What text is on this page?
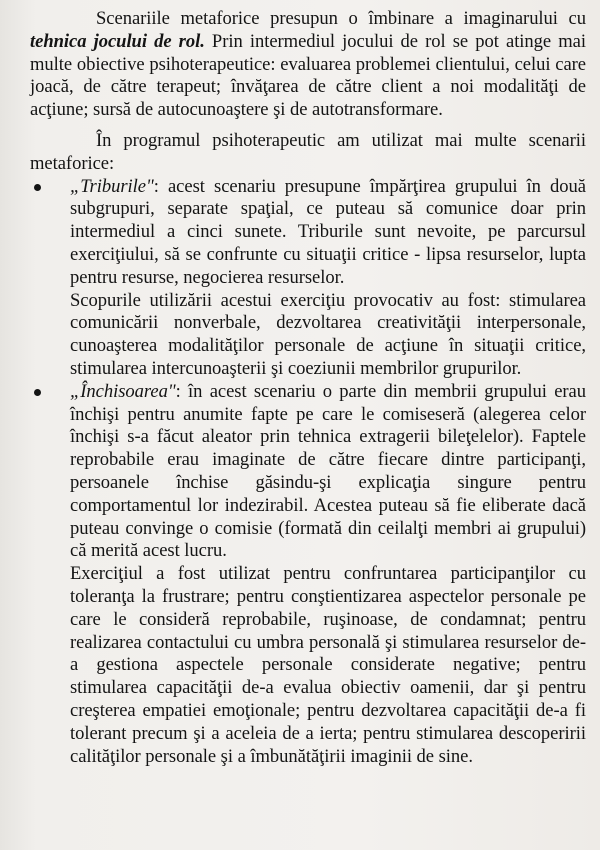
Scenariile metaforice presupun o îmbinare a imaginarului cu tehnica jocului de rol. Prin intermediul jocului de rol se pot atinge mai multe obiective psihoterapeutice: evaluarea problemei clientului, celui care joacă, de către terapeut; învăţarea de către client a noi modalităţi de acţiune; sursă de autocunoaştere şi de autotransformare.

În programul psihoterapeutic am utilizat mai multe scenarii metaforice:

„Triburile": acest scenariu presupune împărţirea grupului în două subgrupuri, separate spaţial, ce puteau să comunice doar prin intermediul a cinci sunete. Triburile sunt nevoite, pe parcursul exerciţiului, să se confrunte cu situaţii critice - lipsa resurselor, lupta pentru resurse, negocierea resurselor.

Scopurile utilizării acestui exerciţiu provocativ au fost: stimularea comunicării nonverbale, dezvoltarea creativităţii interpersonale, cunoaşterea modalităţilor personale de acţiune în situaţii critice, stimularea intercunoaşterii şi coeziunii membrilor grupurilor.

„Închisoarea": în acest scenariu o parte din membrii grupului erau închişi pentru anumite fapte pe care le comiseseră (alegerea celor închişi s-a făcut aleator prin tehnica extragerii bileţelelor). Faptele reprobabile erau imaginate de către fiecare dintre participanţi, persoanele închise găsindu-şi explicaţia singure pentru comportamentul lor indezirabil. Acestea puteau să fie eliberate dacă puteau convinge o comisie (formată din ceilalţi membri ai grupului) că merită acest lucru.

Exerciţiul a fost utilizat pentru confruntarea participanţilor cu toleranţa la frustrare; pentru conştientizarea aspectelor personale pe care le consideră reprobabile, ruşinoase, de condamnat; pentru realizarea contactului cu umbra personală şi stimularea resurselor de-a gestiona aspectele personale considerate negative; pentru stimularea capacităţii de-a evalua obiectiv oamenii, dar şi pentru creşterea empatiei emoţionale; pentru dezvoltarea capacităţii de-a fi tolerant precum şi a aceleia de a ierta; pentru stimularea descoperirii calităţilor personale şi a îmbunătăţirii imaginii de sine.
